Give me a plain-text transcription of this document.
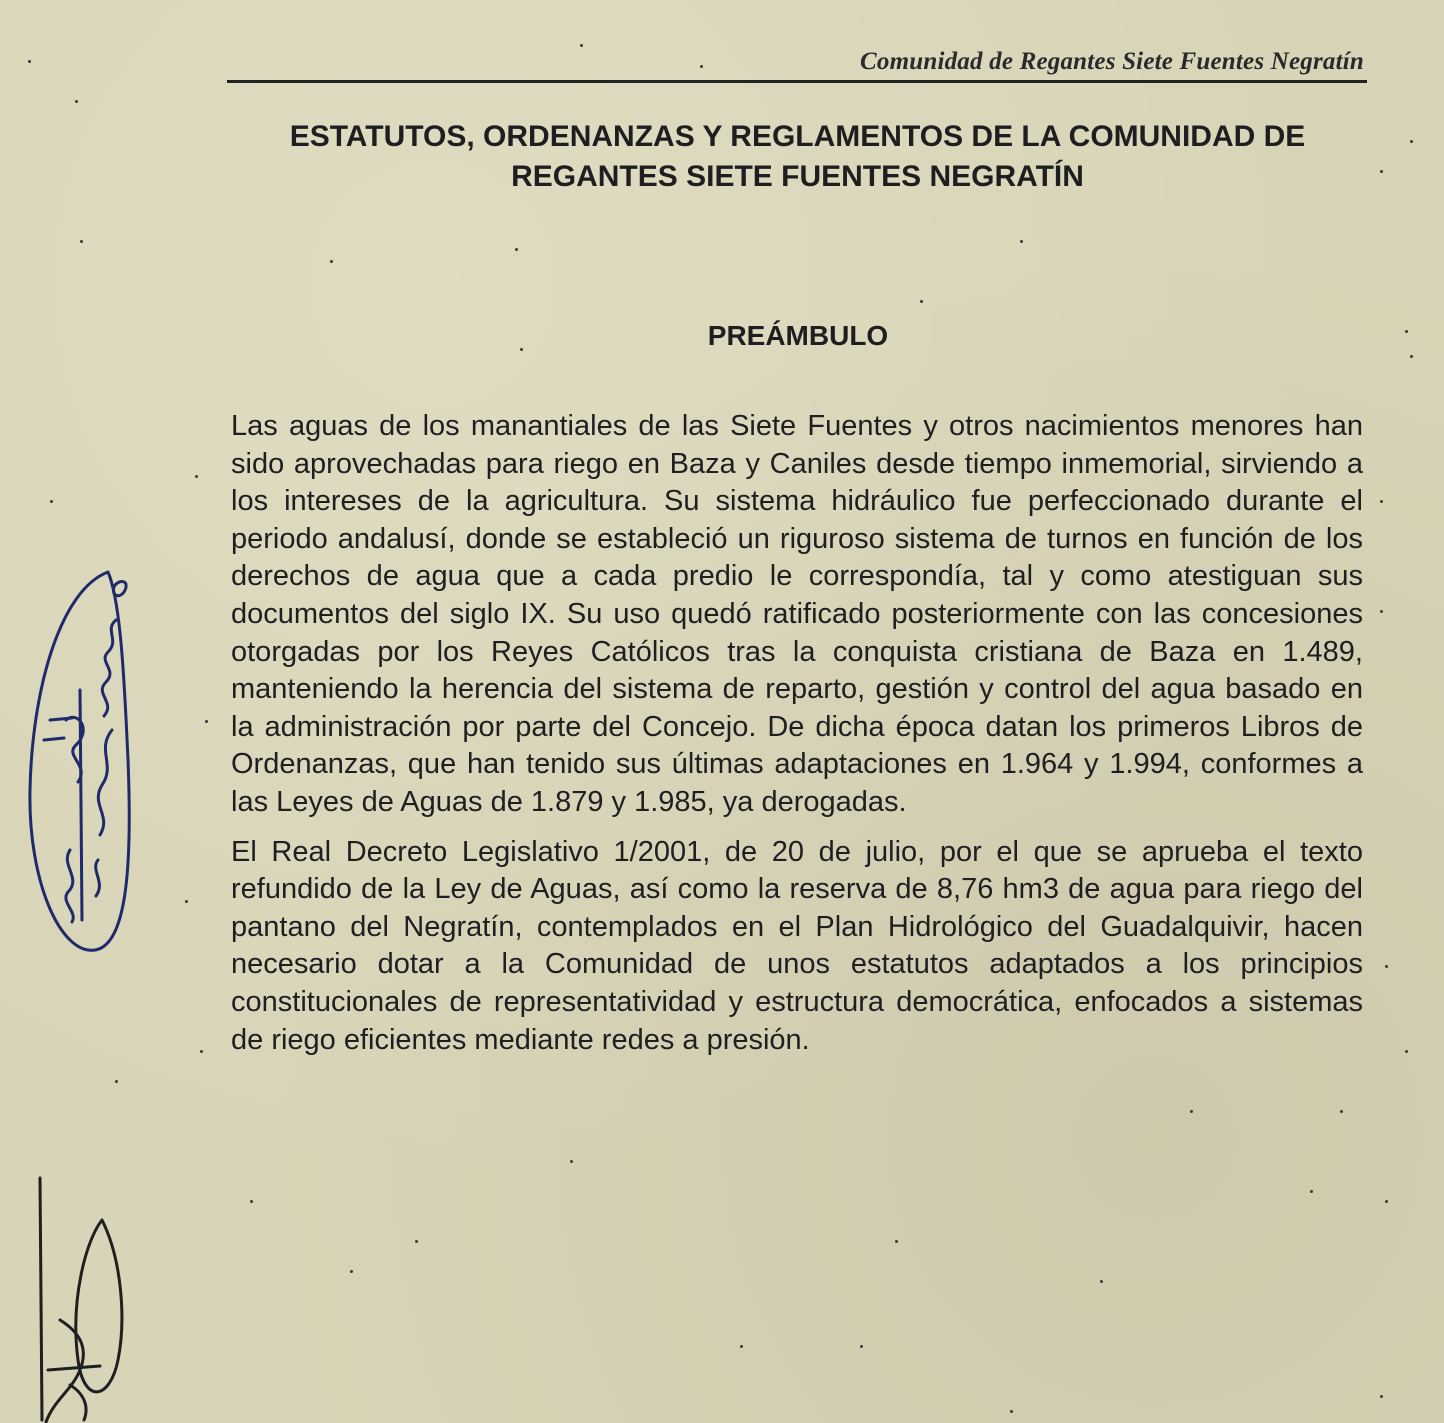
Comunidad de Regantes Siete Fuentes Negratín
ESTATUTOS, ORDENANZAS Y REGLAMENTOS DE LA COMUNIDAD DE
REGANTES SIETE FUENTES NEGRATÍN
PREÁMBULO

Las aguas de los manantiales de las Siete Fuentes y otros nacimientos menores han sido aprovechadas para riego en Baza y Caniles desde tiempo inmemorial, sirviendo a los intereses de la agricultura. Su sistema hidráulico fue perfeccionado durante el periodo andalusí, donde se estableció un riguroso sistema de turnos en función de los derechos de agua que a cada predio le correspondía, tal y como atestiguan sus documentos del siglo IX. Su uso quedó ratificado posteriormente con las concesiones otorgadas por los Reyes Católicos tras la conquista cristiana de Baza en 1.489, manteniendo la herencia del sistema de reparto, gestión y control del agua basado en la administración por parte del Concejo. De dicha época datan los primeros Libros de Ordenanzas, que han tenido sus últimas adaptaciones en 1.964 y 1.994, conformes a las Leyes de Aguas de 1.879 y 1.985, ya derogadas.

El Real Decreto Legislativo 1/2001, de 20 de julio, por el que se aprueba el texto refundido de la Ley de Aguas, así como la reserva de 8,76 hm3 de agua para riego del pantano del Negratín, contemplados en el Plan Hidrológico del Guadalquivir, hacen necesario dotar a la Comunidad de unos estatutos adaptados a los principios constitucionales de representatividad y estructura democrática, enfocados a sistemas de riego eficientes mediante redes a presión.
